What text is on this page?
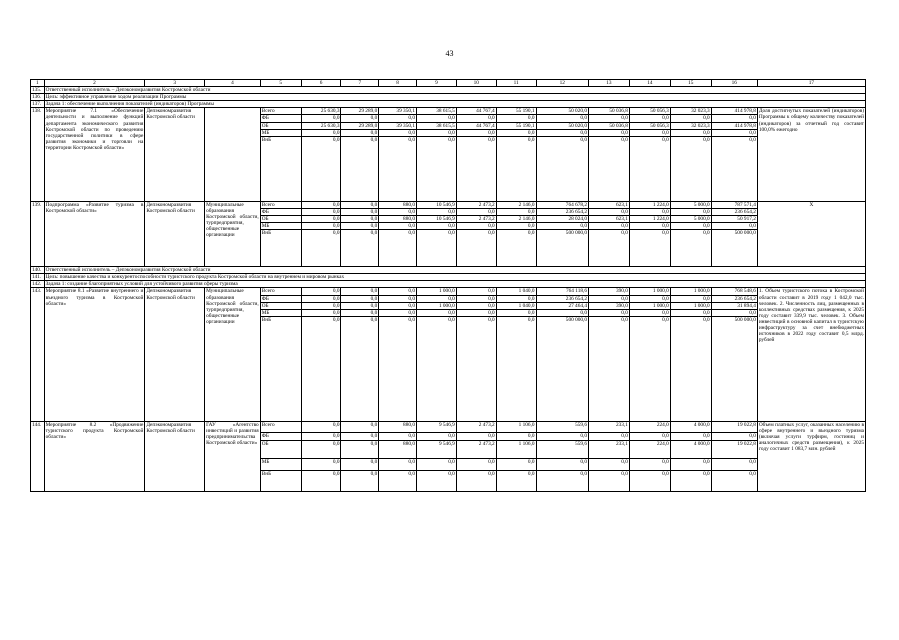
43
1	2	3	4	5	6	7	8	9	10	11	12	13	14	15	16	17
135.	Ответственный исполнитель – Депэкономразвития Костромской области															
136.	Цель: эффективное управление ходом реализации Программы															
137.	Задача 1: обеспечение выполнения показателей (индикаторов) Программы															
138.	Мероприятие 7.1 «Обеспечение деятельности и выполнение функций департамента экономического развития Костромской области по проведению государственной политики в сфере развития экономики и торговли на территории Костромской области»	Депэкономразвития Костромской области		Всего	25 630,3	29 289,0	39 350,1	38 615,5	44 767,4	55 190,1	50 020,0	50 036,8	50 056,3	32 023,3	414 978,8	Доля достигнутых показателей (индикаторов) Программы к общему количеству показателей (индикаторов) за отчетный год составит 100,0% ежегодно
				ФБ	0,0	0,0	0,0	0,0	0,0	0,0	0,0	0,0	0,0	0,0	0,0	
				ОБ	25 630,3	29 289,0	39 350,1	38 615,5	44 767,4	55 190,1	50 020,0	50 036,8	50 056,3	32 023,3	414 978,8	
				МБ	0,0	0,0	0,0	0,0	0,0	0,0	0,0	0,0	0,0	0,0	0,0	
				ВнБ	0,0	0,0	0,0	0,0	0,0	0,0	0,0	0,0	0,0	0,0	0,0	
139.	Подпрограмма «Развитие туризма в Костромской области»	Депэкономразвития Костромской области	Муниципальные образования Костромской области, турпредприятия, общественные организации	Всего	0,0	0,0	880,0	10 546,9	2 473,2	2 146,0	764 678,2	623,1	1 224,0	5 000,0	787 571,4	Х
				ФБ	0,0	0,0	0,0	0,0	0,0	0,0	236 654,2	0,0	0,0	0,0	236 654,2	
				ОБ	0,0	0,0	880,0	10 546,9	2 473,2	2 146,0	28 024,0	623,1	1 224,0	5 000,0	50 917,2	
				МБ	0,0	0,0	0,0	0,0	0,0	0,0	0,0	0,0	0,0	0,0	0,0	
				ВнБ	0,0	0,0	0,0	0,0	0,0	0,0	500 000,0	0,0	0,0	0,0	500 000,0	
140.	Ответственный исполнитель – Депэкономразвития Костромской области															
141.	Цель: повышение качества и конкурентоспособности туристского продукта Костромской области на внутреннем и мировом рынках															
142.	Задача 1: создание благоприятных условий для устойчивого развития сферы туризма															
143.	Мероприятие 8.1 «Развитие внутреннего и въездного туризма в Костромской области»	Депэкономразвития Костромской области	Муниципальные образования Костромской области, турпредприятия, общественные организации	Всего	0,0	0,0	0,0	1 000,0	0,0	1 040,0	764 118,6	390,0	1 000,0	1 000,0	768 548,6	1. Объем туристского потока в Костромской области составит в 2019 году 1 042,0 тыс. человек. 2. Численность лиц, размещенных в коллективных средствах размещения, к 2025 году составит 339,9 тыс. человек. 3. Объем инвестиций в основной капитал в туристскую инфраструктуру за счет внебюджетных источников в 2022 году составит 0,5 млрд. рублей
				ФБ	0,0	0,0	0,0	0,0	0,0	0,0	236 654,2	0,0	0,0	0,0	236 654,2	
				ОБ	0,0	0,0	0,0	1 000,0	0,0	1 040,0	27 464,4	390,0	1 000,0	1 000,0	31 894,4	
				МБ	0,0	0,0	0,0	0,0	0,0	0,0	0,0	0,0	0,0	0,0	0,0	
				ВнБ	0,0	0,0	0,0	0,0	0,0	0,0	500 000,0	0,0	0,0	0,0	500 000,0	
144.	Мероприятие 8.2 «Продвижение туристского продукта Костромской области»	Депэкономразвития Костромской области	ГАУ «Агентство инвестиций и развития предпринимательства Костромской области»	Всего	0,0	0,0	880,0	9 546,9	2 473,2	1 106,0	559,6	233,1	224,0	4 000,0	19 022,8	Объем платных услуг, оказанных населению в сфере внутреннего и въездного туризма (включая услуги турфирм, гостиниц и аналогичных средств размещения), к 2025 году составит 1 083,7 млн. рублей
				ФБ	0,0	0,0	0,0	0,0	0,0	0,0	0,0	0,0	0,0	0,0	0,0	
				ОБ	0,0	0,0	880,0	9 546,9	2 473,2	1 106,0	559,6	233,1	224,0	4 000,0	19 022,8	
				МБ	0,0	0,0	0,0	0,0	0,0	0,0	0,0	0,0	0,0	0,0	0,0	
				ВнБ	0,0	0,0	0,0	0,0	0,0	0,0	0,0	0,0	0,0	0,0	0,0	
